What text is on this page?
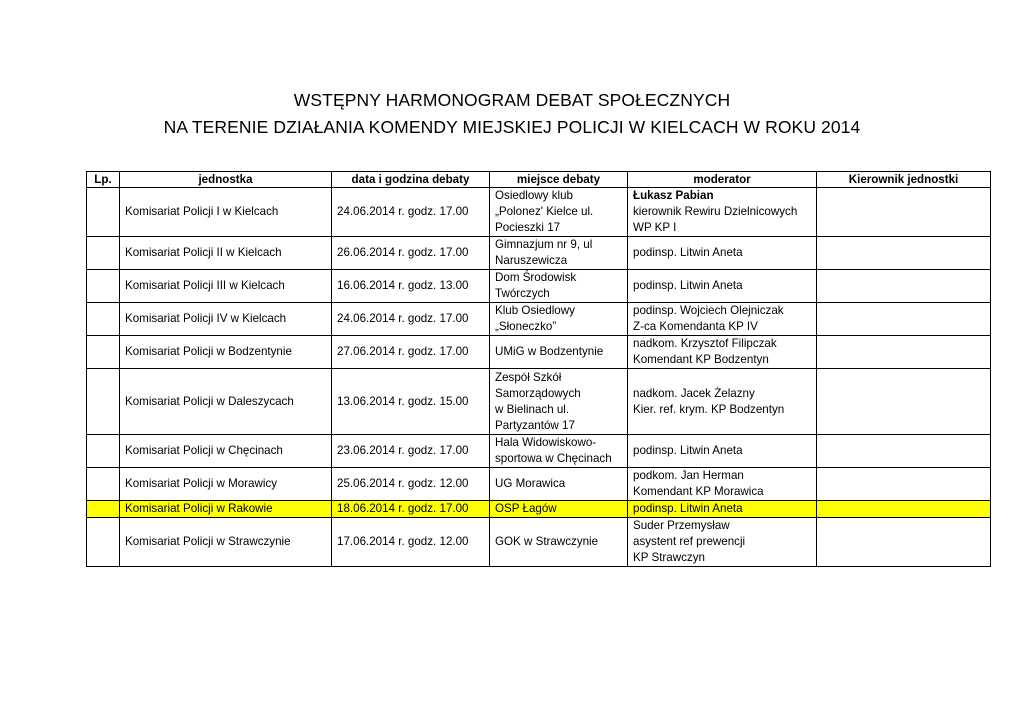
WSTĘPNY HARMONOGRAM DEBAT SPOŁECZNYCH
NA TERENIE DZIAŁANIA KOMENDY MIEJSKIEJ POLICJI W KIELCACH W ROKU 2014
Lp.	jednostka	data i godzina debaty	miejsce debaty	moderator	Kierownik jednostki
	Komisariat Policji I w Kielcach	24.06.2014 r. godz. 17.00	Osiedlowy klub
„Polonez' Kielce ul.
Pocieszki 17	Łukasz Pabian
kierownik Rewiru Dzielnicowych
WP KP I	

	Komisariat Policji II w Kielcach	26.06.2014 r. godz. 17.00	Gimnazjum nr 9, ul
Naruszewicza	podinsp. Litwin Aneta	

	Komisariat Policji III w Kielcach	16.06.2014 r. godz. 13.00	Dom Środowisk
Twórczych	podinsp. Litwin Aneta	

	Komisariat Policji IV w Kielcach	24.06.2014 r. godz. 17.00	Klub Osiedlowy
„Słoneczko”	podinsp. Wojciech Olejniczak
Z-ca Komendanta KP IV	

	Komisariat Policji w Bodzentynie	27.06.2014 r. godz. 17.00	UMiG w Bodzentynie	nadkom. Krzysztof Filipczak
Komendant KP Bodzentyn	

	Komisariat Policji w Daleszycach	13.06.2014 r. godz. 15.00	Zespół Szkół
Samorządowych
w Bielinach ul.
Partyzantów 17	nadkom. Jacek Żelazny
Kier. ref. krym. KP Bodzentyn	

	Komisariat Policji w Chęcinach	23.06.2014 r. godz. 17.00	Hala Widowiskowo-
sportowa w Chęcinach	podinsp. Litwin Aneta	

	Komisariat Policji w Morawicy	25.06.2014 r. godz. 12.00	UG Morawica	podkom. Jan Herman
Komendant KP Morawica	

	Komisariat Policji w Rakowie	18.06.2014 r. godz. 17.00	OSP Łagów	podinsp. Litwin Aneta	

	Komisariat Policji w Strawczynie	17.06.2014 r. godz. 12.00	GOK w Strawczynie	Suder Przemysław
asystent ref prewencji
KP Strawczyn	
